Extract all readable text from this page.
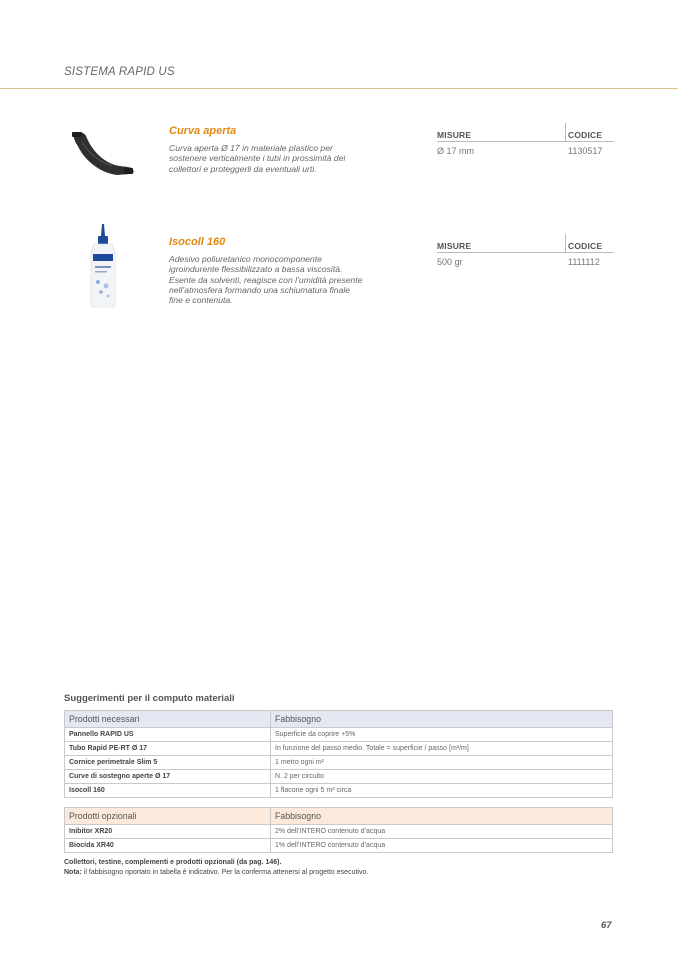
SISTEMA RAPID US
Curva aperta
Curva aperta Ø 17 in materiale plastico per
sostenere verticalmente i tubi in prossimità dei
collettori e proteggerli da eventuali urti.
MISURE	CODICE
Ø 17 mm	1130517
Isocoll 160
Adesivo poliuretanico monocomponente
igroindurente flessibilizzato a bassa viscosità.
Esente da solventi, reagisce con l’umidità presente
nell’atmosfera formando una schiumatura finale
fine e contenuta.
MISURE	CODICE
500 gr	1111112
Suggerimenti per il computo materiali
Prodotti necessari	Fabbisogno
Pannello RAPID US	Superficie da coprire +5%
Tubo Rapid PE-RT Ø 17	In funzione del passo medio. Totale = superficie / passo [m²/m]
Cornice perimetrale Slim 5	1 metro ogni m²
Curve di sostegno aperte Ø 17	N. 2 per circuito
Isocoll 160	1 flacone ogni 5 m² circa
Prodotti opzionali	Fabbisogno
Inibitor XR20	2% dell’INTERO contenuto d’acqua
Biocida XR40	1% dell’INTERO contenuto d’acqua
Collettori, testine, complementi e prodotti opzionali (da pag. 146).
Nota: il fabbisogno riportato in tabella è indicativo. Per la conferma attenersi al progetto esecutivo.
67
